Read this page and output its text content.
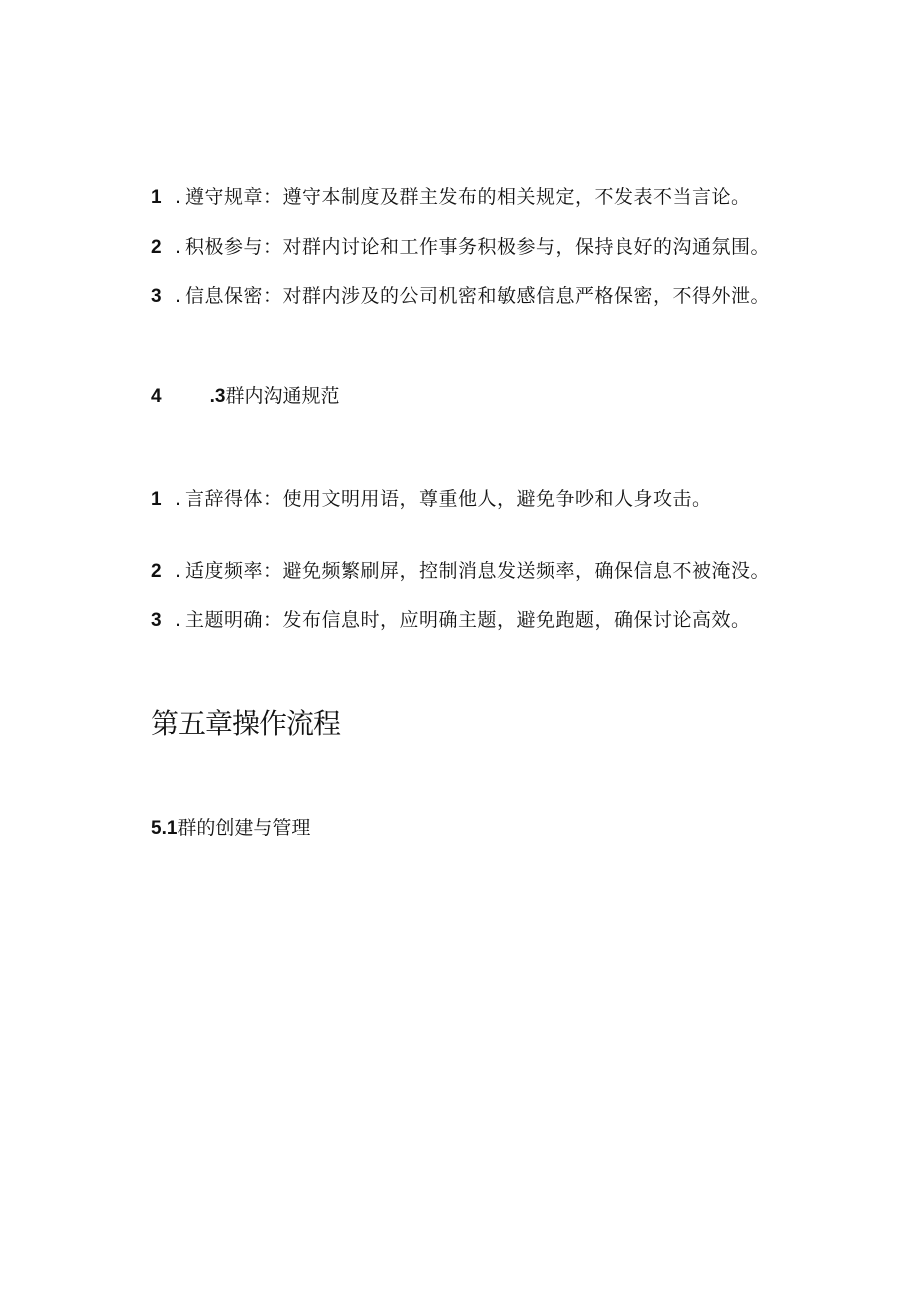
1 . 遵守规章：遵守本制度及群主发布的相关规定，不发表不当言论。
2 . 积极参与：对群内讨论和工作事务积极参与，保持良好的沟通氛围。
3 . 信息保密：对群内涉及的公司机密和敏感信息严格保密，不得外泄。
4	.3群内沟通规范
1 . 言辞得体：使用文明用语，尊重他人，避免争吵和人身攻击。
2 . 适度频率：避免频繁刷屏，控制消息发送频率，确保信息不被淹没。
3 . 主题明确：发布信息时，应明确主题，避免跑题，确保讨论高效。
第五章操作流程
5.1群的创建与管理
